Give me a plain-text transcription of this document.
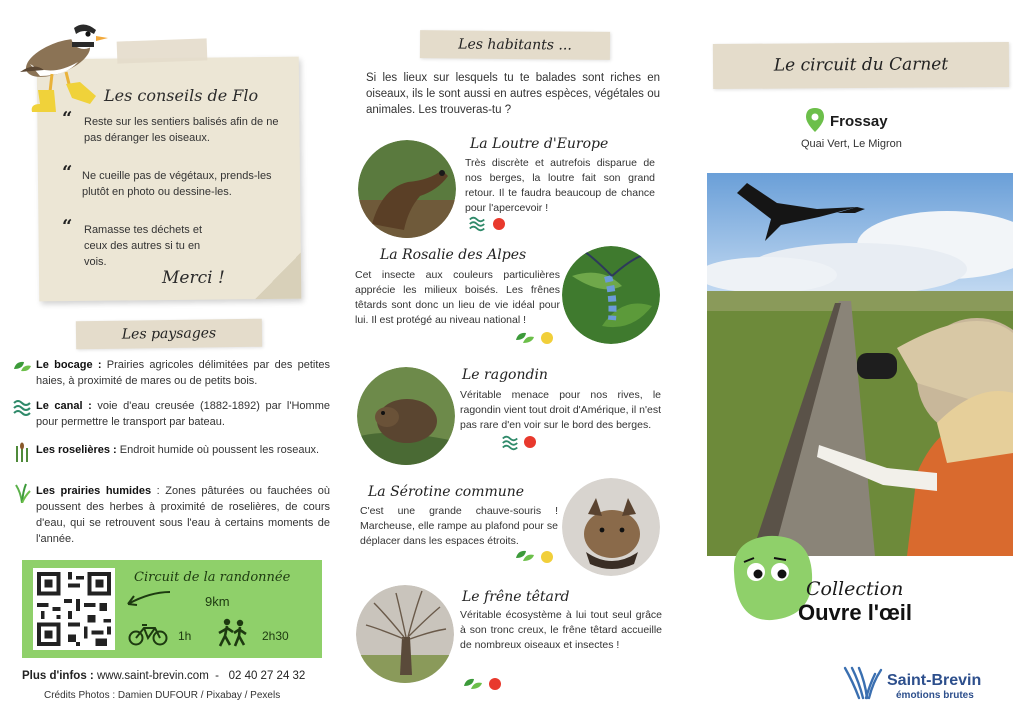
Les conseils de Flo
“	Reste sur les sentiers balisés afin de ne pas déranger les oiseaux.
“ Ne cueille pas de végétaux, prends-les plutôt en photo ou dessine-les.
“	Ramasse tes déchets et ceux des autres si tu en vois.
Merci !
Les paysages
Le bocage : Prairies agricoles délimitées par des petites haies, à proximité de mares ou de petits bois.
Le canal : voie d'eau creusée (1882-1892) par l'Homme pour permettre le transport par bateau.
Les roselières : Endroit humide où poussent les roseaux.
Les prairies humides : Zones pâturées ou fauchées où poussent des herbes à proximité de roselières, de cours d'eau, qui se retrouvent sous l'eau à certains moments de l'année.
Circuit de la randonnée
9km
1h	2h30
Plus d'infos : www.saint-brevin.com  -   02 40 27 24 32
Crédits Photos : Damien DUFOUR / Pixabay / Pexels
Les habitants ...
Si les lieux sur lesquels tu te balades sont riches en oiseaux, ils le sont aussi en autres espèces, végétales ou animales. Les trouveras-tu ?
La Loutre d'Europe
Très discrète et autrefois disparue de nos berges, la loutre fait son grand retour. Il te faudra beaucoup de chance pour l'apercevoir !
La Rosalie des Alpes
Cet insecte aux couleurs particulières apprécie les milieux boisés. Les frênes têtards sont donc un lieu de vie idéal pour lui. Il est protégé au niveau national !
Le ragondin
Véritable menace pour nos rives, le ragondin vient tout droit d'Amérique, il n'est pas rare d'en voir sur le bord des berges.
La Sérotine commune
C'est une grande chauve-souris ! Marcheuse, elle rampe au plafond pour se déplacer dans les espaces étroits.
Le frêne têtard
Véritable écosystème à lui tout seul grâce à son tronc creux, le frêne têtard accueille de nombreux oiseaux et insectes !
Le circuit du Carnet
Frossay
Quai Vert, Le Migron
Collection
Ouvre l'œil
Saint-Brevin
émotions brutes
